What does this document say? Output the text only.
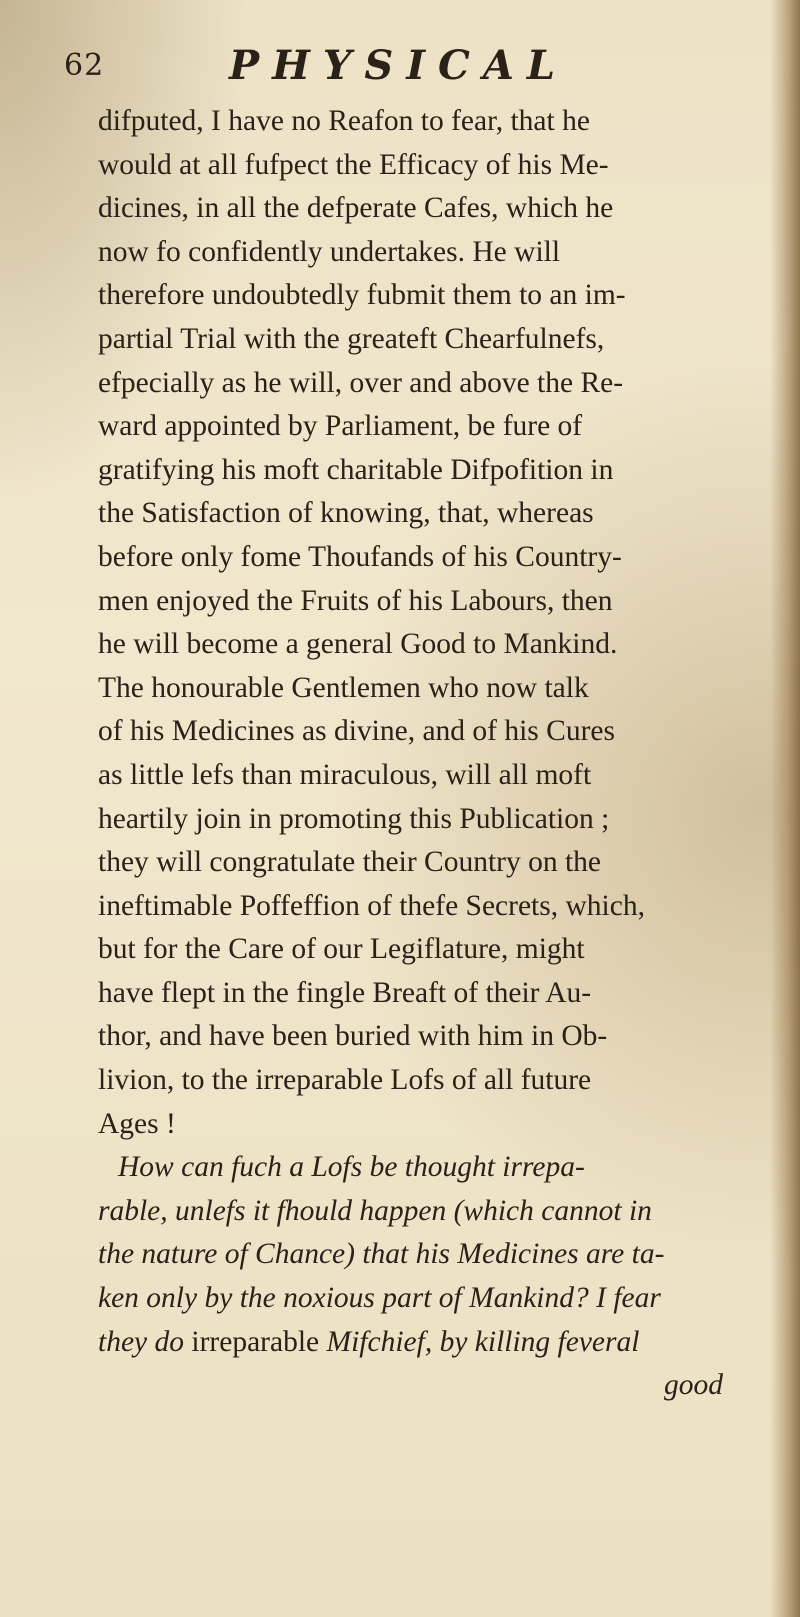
62	PHYSICAL
difputed, I have no Reafon to fear, that he
would at all fufpect the Efficacy of his Me-
dicines, in all the defperate Cafes, which he
now fo confidently undertakes. He will
therefore undoubtedly fubmit them to an im-
partial Trial with the greateft Chearfulnefs,
efpecially as he will, over and above the Re-
ward appointed by Parliament, be fure of
gratifying his moft charitable Difpofition in
the Satisfaction of knowing, that, whereas
before only fome Thoufands of his Country-
men enjoyed the Fruits of his Labours, then
he will become a general Good to Mankind.
The honourable Gentlemen who now talk
of his Medicines as divine, and of his Cures
as little lefs than miraculous, will all moft
heartily join in promoting this Publication ;
they will congratulate their Country on the
ineftimable Poffeffion of thefe Secrets, which,
but for the Care of our Legiflature, might
have flept in the fingle Breaft of their Au-
thor, and have been buried with him in Ob-
livion, to the irreparable Lofs of all future
Ages !
How can fuch a Lofs be thought irrepa-
rable, unlefs it fhould happen (which cannot in
the nature of Chance) that his Medicines are ta-
ken only by the noxious part of Mankind? I fear
they do irreparable Mifchief, by killing feveral
good
